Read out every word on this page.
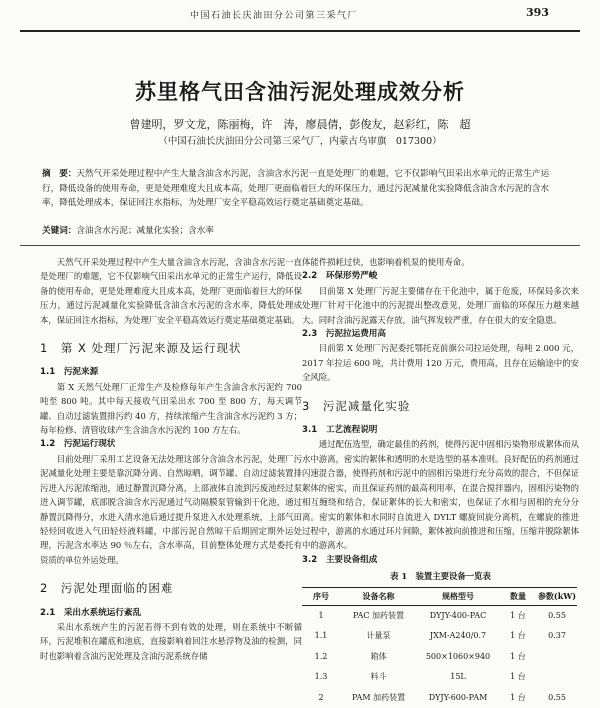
中国石油长庆油田分公司第三采气厂	393
苏里格气田含油污泥处理成效分析
曾建明，罗文龙，陈丽梅，许　涛，廖晨倩，彭俊友，赵彩红，陈　超
（中国石油长庆油田分公司第三采气厂，内蒙古乌审旗　017300）
摘　要：天然气开采处理过程中产生大量含油含水污泥，含油含水污泥一直是处理厂的难题，它不仅影响气田采出水单元的正常生产运行，降低设备的使用寿命，更是处理难度大且成本高，处理厂更面临着巨大的环保压力，通过污泥减量化实验降低含油含水污泥的含水率，降低处理成本，保证回注水指标，为处理厂安全平稳高效运行奠定基础奠定基础。
关键词：含油含水污泥；减量化实验；含水率

天然气开采处理过程中产生大量含油含水污泥，含油含水污泥一直是处理厂的难题，它不仅影响气田采出水单元的正常生产运行，降低设备的使用寿命，更是处理难度大且成本高，处理厂更面临着巨大的环保压力，通过污泥减量化实验降低含油含水污泥的含水率，降低处理成本，保证回注水指标，为处理厂安全平稳高效运行奠定基础奠定基础。

1　第 X 处理厂污泥来源及运行现状
1.1　污泥来源

第 X 天然气处理厂正常生产及检修每年产生含油含水污泥约 700 吨至 800 吨。其中每天接收气田采出水 700 至 800 方，每天调节罐、自动过滤装置排污约 40 方，持续浓缩产生含油含水污泥约 3 方；每年检修、清管收球产生含油含水污泥约 100 方左右。

1.2　污泥运行现状

目前处理厂采用工艺设备无法处理这部分含油含水污泥，处理厂污泥减量化处理主要是靠沉降分离、自然晾晒，调节罐、自动过滤装置排污进入污泥浓缩池，通过静置沉降分离，上部液体自流到污废池经过泵进入调节罐，底部脱含油含水污泥通过气动隔膜泵管输到干化池，通过静置沉降得分，水进入清水池后通过提升泵进入水处理系统，上部气田轻烃回收进入气田轻烃液料罐，中部污泥自然晾干后期固定期外运处理，污泥含水率达 90 ％左右，含水率高，目前整体处理方式是委托有资质的单位外运处理。

2　污泥处理面临的困难
2.1　采出水系统运行紊乱

采出水系统产生的污泥若得不到有效的处理，则在系统中不断循环，污泥堆积在罐底和池底，直接影响着回注水悬浮物及油的检测，同时也影响着含油污泥处理及含油污泥系统存储

体能件损耗过快，也影响着机泵的使用寿命。

2.2　环保形势严峻

目前第 X 处理厂污泥主要储存在干化池中，属于危废，环保局多次来处理厂针对干化池中的污泥提出整改意见，处理厂面临的环保压力越来越大。同时含油污泥露天存放，油气挥发较严重，存在很大的安全隐患。

2.3　污泥拉运费用高

目前第 X 处理厂污泥委托鄂托克前旗公司拉运处理，每吨 2 000 元，2017 年拉运 600 吨，共计费用 120 万元，费用高，且存在运输途中的安全风险。

3　污泥减量化实验
3.1　工艺流程说明

通过配伍选型，确定最佳的药剂，使得污泥中固相污染物形成絮体而从水中游离，密实的絮体和透明的水是选型的基本准则。良好配伍的药剂通过闪速混合器，使得药剂和污泥中的固相污染进行充分高效的混合，不但保证絮体的密实，而且保证药剂的最高利用率，在混合搅拌器内，固相污染物的相互缠绕和结合，保证絮体的长大和密实，也保证了水相与固相的充分分离。密实的絮体和水同时自流进入 DYLT 螺旋回旋分离机，在螺旋的推进过程中，游离的水通过环片间隙，絮体被向前推进和压缩，压缩并脱除絮体中的游离水。

3.2　主要设备组成
表 1　装置主要设备一览表
序号	设备名称	规格型号	数量	参数(kW)
1	PAC 加药装置	DYJY-400-PAC	1 台	0.55
1.1	计量泵	JXM-A240/0.7	1 台	0.37
1.2	箱体	500×1060×940	1 台	
1.3	料斗	15L	1 台	
2	PAM 加药装置	DYJY-600-PAM	1 台	0.55
